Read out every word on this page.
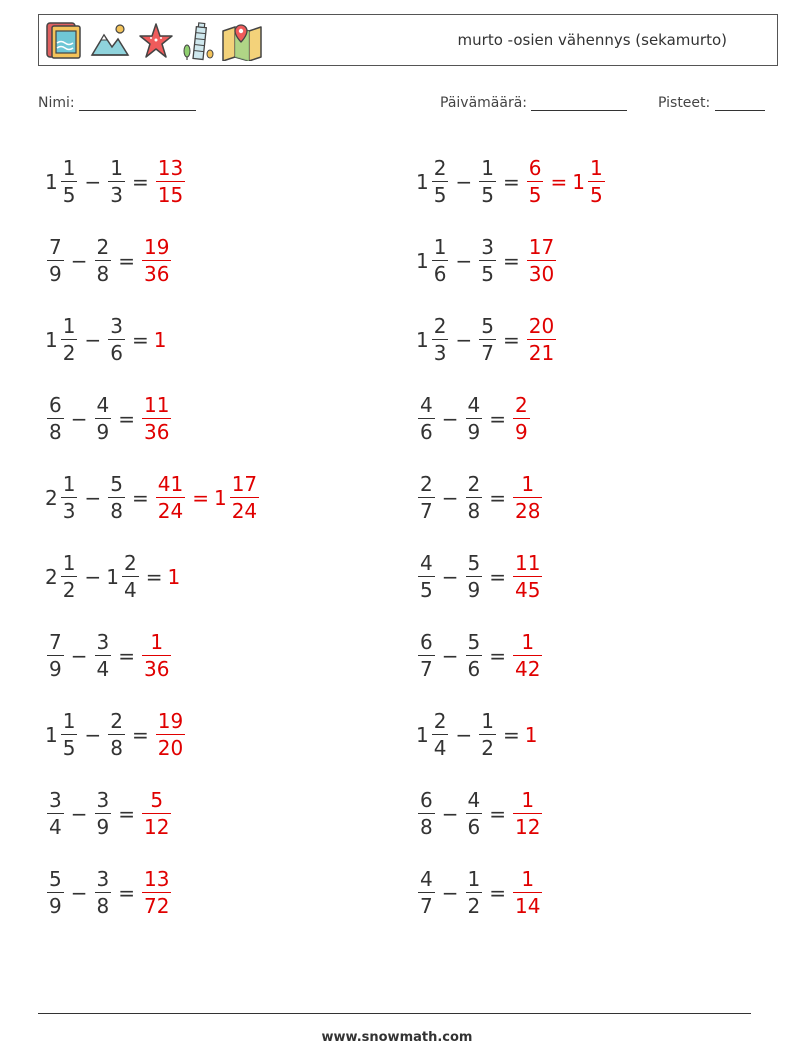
murto -osien vähennys (sekamurto)
Nimi:	Päivämäärä:	Pisteet:
$1 \frac{1}{5} - \frac{1}{3} = \frac{13}{15}$
$\frac{7}{9} - \frac{2}{8} = \frac{19}{36}$
$1 \frac{1}{2} - \frac{3}{6} = 1$
$\frac{6}{8} - \frac{4}{9} = \frac{11}{36}$
$2 \frac{1}{3} - \frac{5}{8} = \frac{41}{24} = 1 \frac{17}{24}$
$2 \frac{1}{2} - 1 \frac{2}{4} = 1$
$\frac{7}{9} - \frac{3}{4} = \frac{1}{36}$
$1 \frac{1}{5} - \frac{2}{8} = \frac{19}{20}$
$\frac{3}{4} - \frac{3}{9} = \frac{5}{12}$
$\frac{5}{9} - \frac{3}{8} = \frac{13}{72}$
$1 \frac{2}{5} - \frac{1}{5} = \frac{6}{5} = 1 \frac{1}{5}$
$1 \frac{1}{6} - \frac{3}{5} = \frac{17}{30}$
$1 \frac{2}{3} - \frac{5}{7} = \frac{20}{21}$
$\frac{4}{6} - \frac{4}{9} = \frac{2}{9}$
$\frac{2}{7} - \frac{2}{8} = \frac{1}{28}$
$\frac{4}{5} - \frac{5}{9} = \frac{11}{45}$
$\frac{6}{7} - \frac{5}{6} = \frac{1}{42}$
$1 \frac{2}{4} - \frac{1}{2} = 1$
$\frac{6}{8} - \frac{4}{6} = \frac{1}{12}$
$\frac{4}{7} - \frac{1}{2} = \frac{1}{14}$
www.snowmath.com
